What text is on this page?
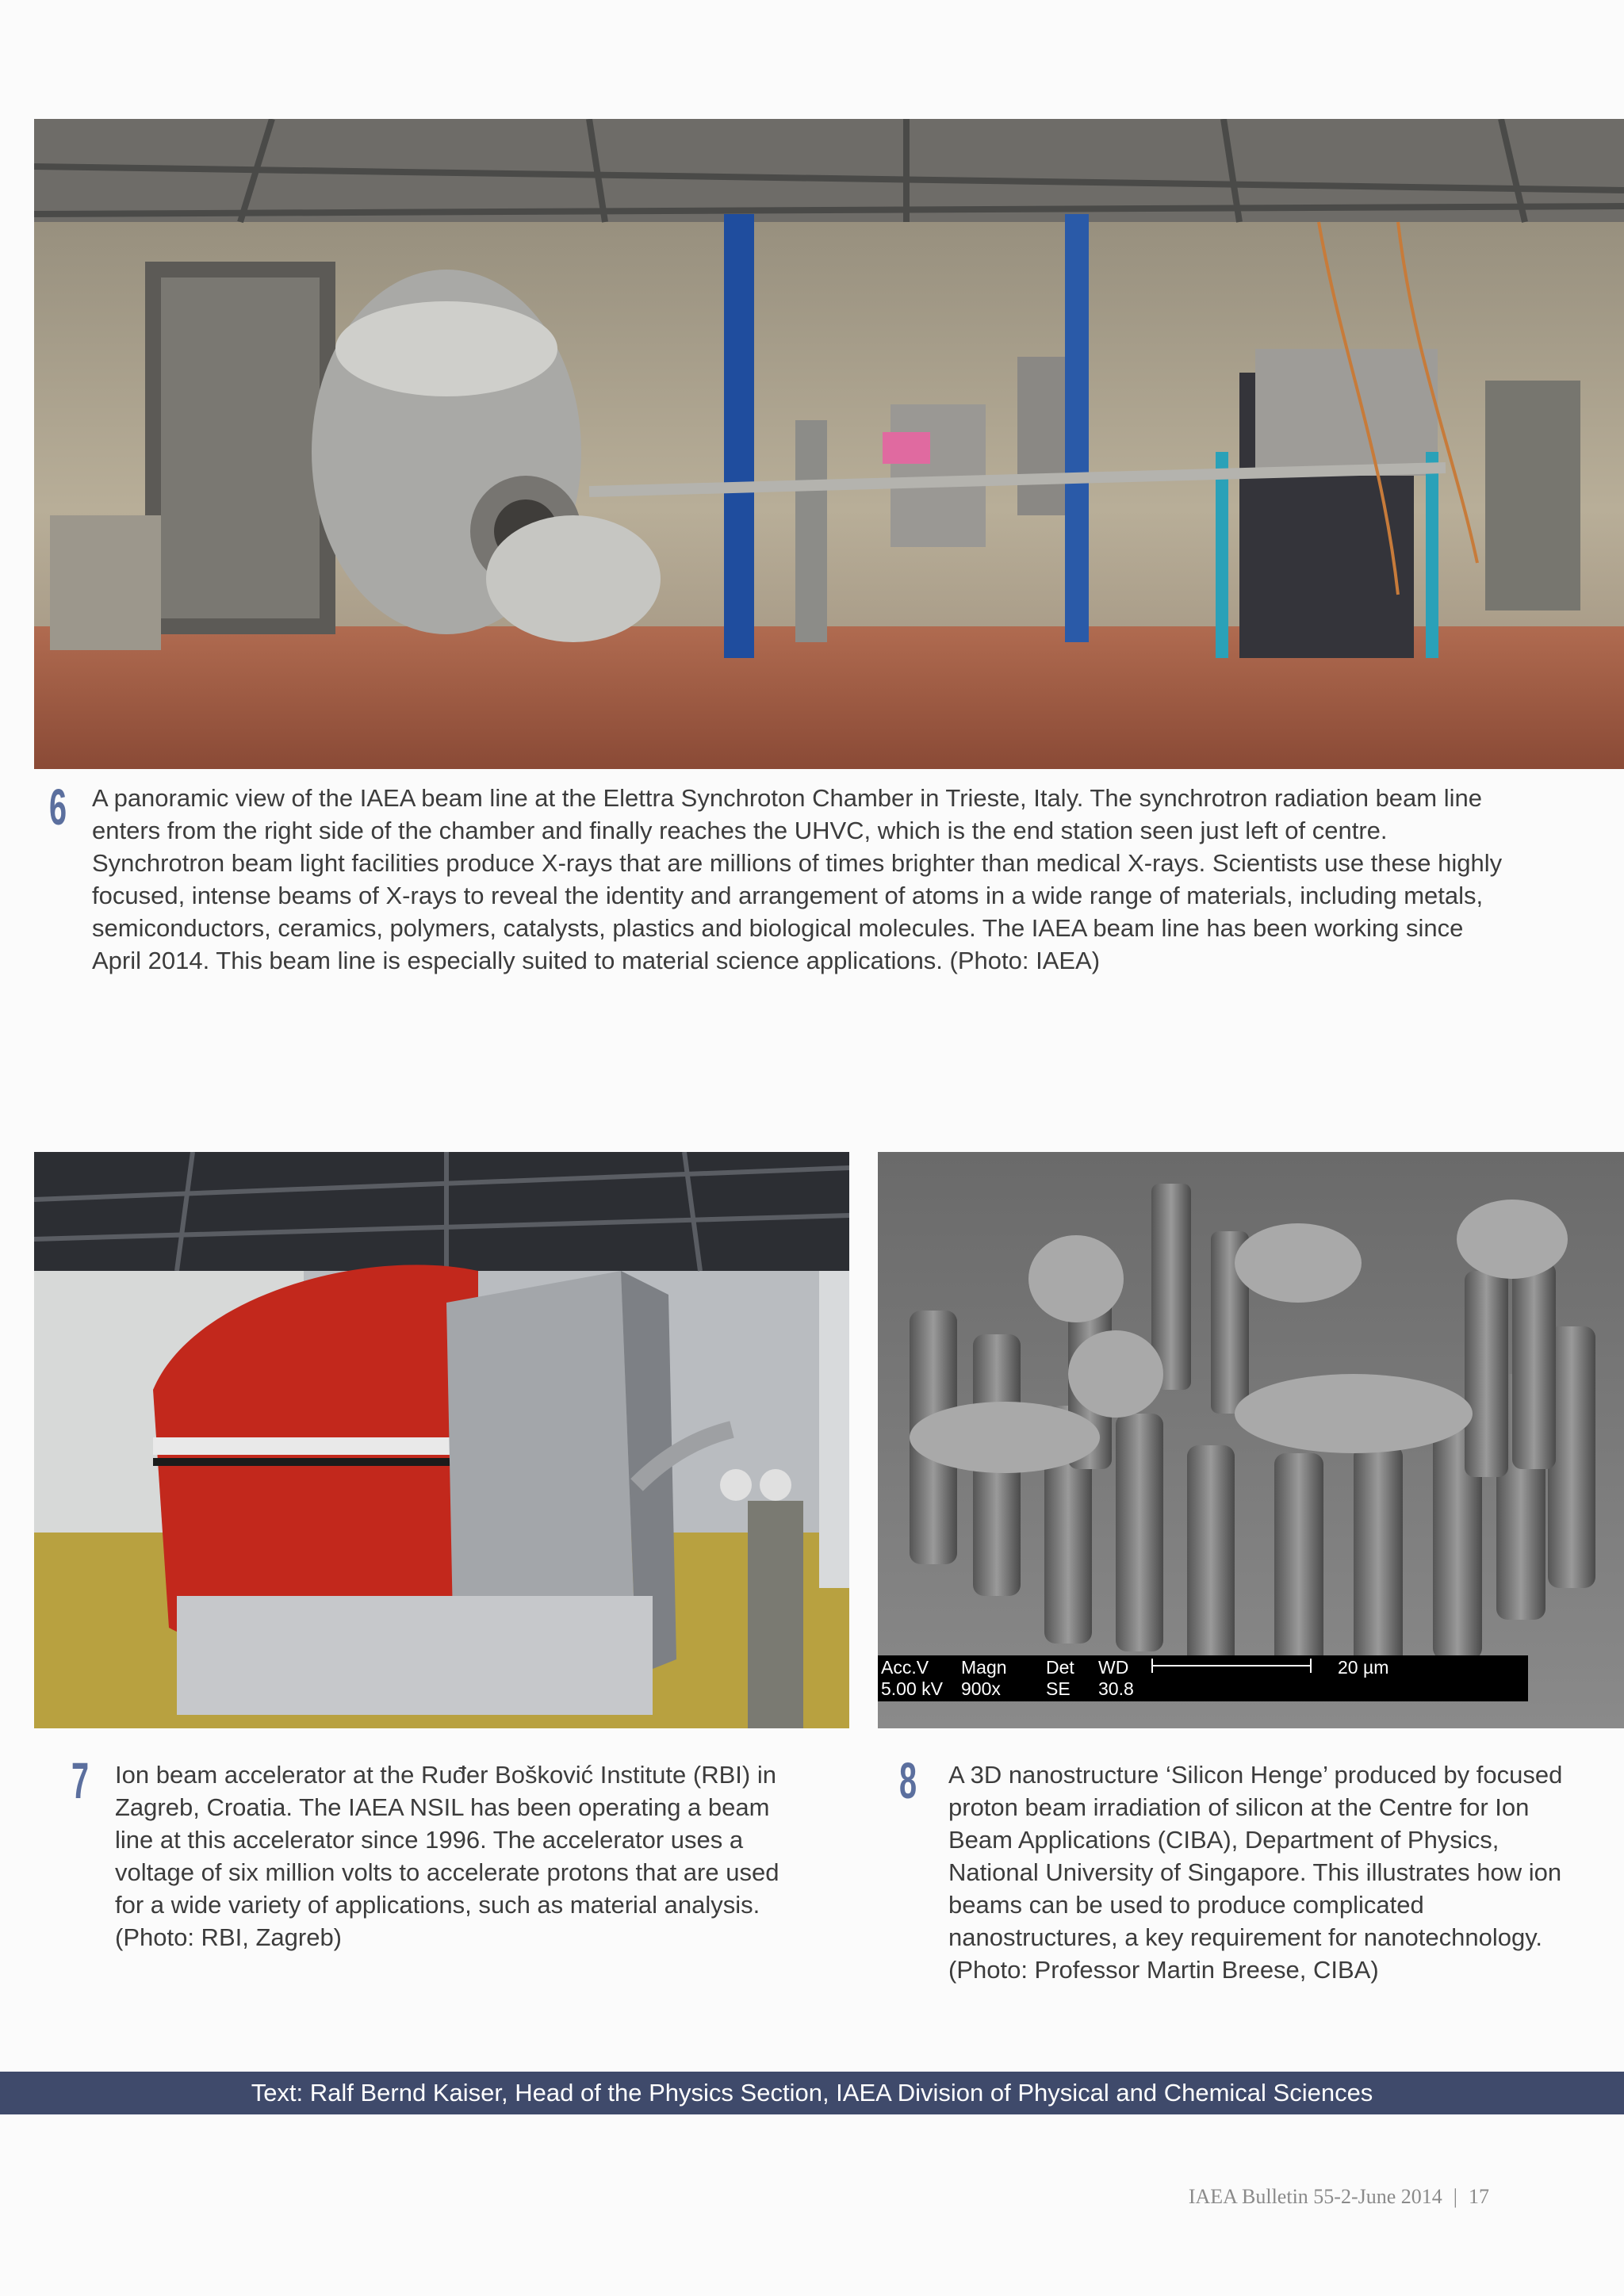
6 A panoramic view of the IAEA beam line at the Elettra Synchroton Chamber in Trieste, Italy. The synchrotron radiation beam line enters from the right side of the chamber and finally reaches the UHVC, which is the end station seen just left of centre. Synchrotron beam light facilities produce X-rays that are millions of times brighter than medical X-rays. Scientists use these highly focused, intense beams of X-rays to reveal the identity and arrangement of atoms in a wide range of materials, including metals, semiconductors, ceramics, polymers, catalysts, plastics and biological molecules. The IAEA beam line has been working since April 2014. This beam line is especially suited to material science applications. (Photo: IAEA)

7 Ion beam accelerator at the Ruđer Bošković Institute (RBI) in Zagreb, Croatia. The IAEA NSIL has been operating a beam line at this accelerator since 1996. The accelerator uses a voltage of six million volts to accelerate protons that are used for a wide variety of applications, such as material analysis.
(Photo: RBI, Zagreb)

Acc.V
5.00 kV
Magn
900x
Det
SE
WD
30.8
20 µm
8 A 3D nanostructure ‘Silicon Henge’ produced by focused proton beam irradiation of silicon at the Centre for Ion Beam Applications (CIBA), Department of Physics, National University of Singapore. This illustrates how ion beams can be used to produce complicated nanostructures, a key requirement for nanotechnology.
(Photo: Professor Martin Breese, CIBA)

Text: Ralf Bernd Kaiser, Head of the Physics Section, IAEA Division of Physical and Chemical Sciences
IAEA Bulletin 55-2-June 2014 | 17
